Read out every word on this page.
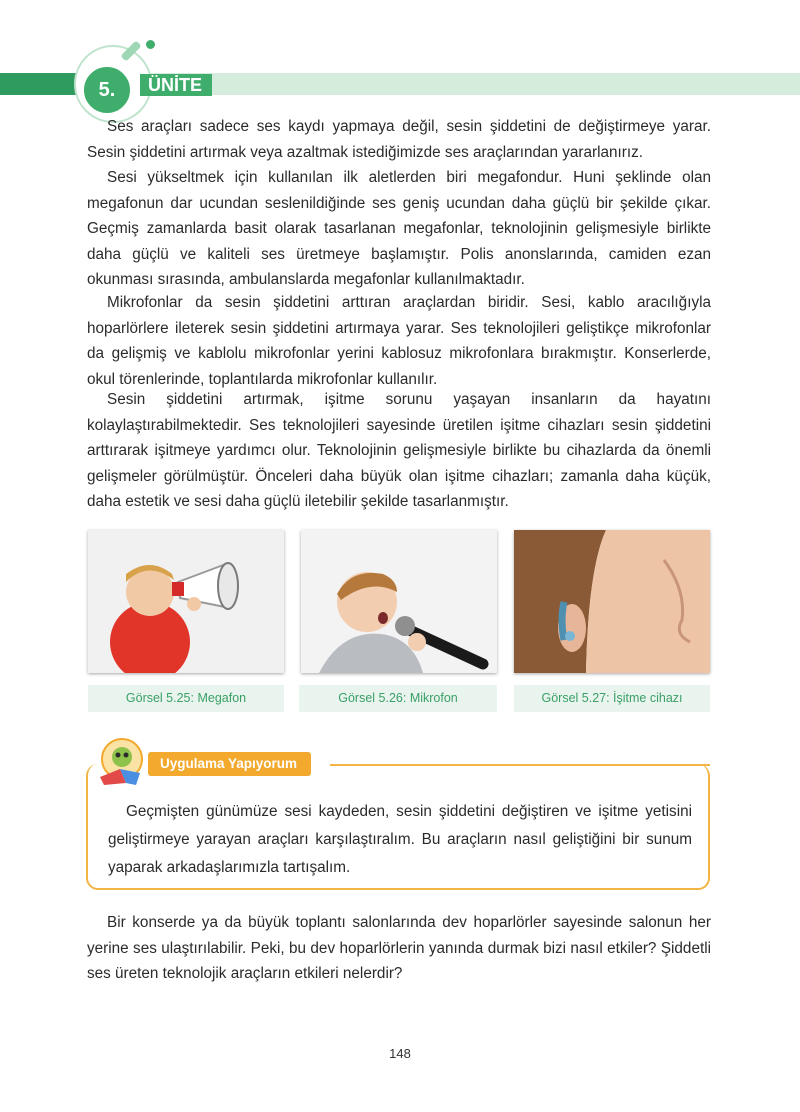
5.	ÜNİTE

Ses araçları sadece ses kaydı yapmaya değil, sesin şiddetini de değiştirmeye yarar. Sesin şiddetini artırmak veya azaltmak istediğimizde ses araçlarından yararlanırız.

Sesi yükseltmek için kullanılan ilk aletlerden biri megafondur. Huni şeklinde olan megafonun dar ucundan seslenildiğinde ses geniş ucundan daha güçlü bir şekilde çıkar. Geçmiş zamanlarda basit olarak tasarlanan megafonlar, teknolojinin gelişmesiyle birlikte daha güçlü ve kaliteli ses üretmeye başlamıştır. Polis anonslarında, camiden ezan okunması sırasında, ambulanslarda megafonlar kullanılmaktadır.

Mikrofonlar da sesin şiddetini arttıran araçlardan biridir. Sesi, kablo aracılığıyla hoparlörlere ileterek sesin şiddetini artırmaya yarar. Ses teknolojileri geliştikçe mikrofonlar da gelişmiş ve kablolu mikrofonlar yerini kablosuz mikrofonlara bırakmıştır. Konserlerde, okul törenlerinde, toplantılarda mikrofonlar kullanılır.

Sesin şiddetini artırmak, işitme sorunu yaşayan insanların da hayatını kolaylaştırabilmektedir. Ses teknolojileri sayesinde üretilen işitme cihazları sesin şiddetini arttırarak işitmeye yardımcı olur. Teknolojinin gelişmesiyle birlikte bu cihazlarda da önemli gelişmeler görülmüştür. Önceleri daha büyük olan işitme cihazları; zamanla daha küçük, daha estetik ve sesi daha güçlü iletebilir şekilde tasarlanmıştır.

Görsel 5.25: Megafon	Görsel 5.26: Mikrofon	Görsel 5.27: İşitme cihazı
Uygulama Yapıyorum

Geçmişten günümüze sesi kaydeden, sesin şiddetini değiştiren ve işitme yetisini geliştirmeye yarayan araçları karşılaştıralım. Bu araçların nasıl geliştiğini bir sunum yaparak arkadaşlarımızla tartışalım.

Bir konserde ya da büyük toplantı salonlarında dev hoparlörler sayesinde salonun her yerine ses ulaştırılabilir. Peki, bu dev hoparlörlerin yanında durmak bizi nasıl etkiler? Şiddetli ses üreten teknolojik araçların etkileri nelerdir?

148
